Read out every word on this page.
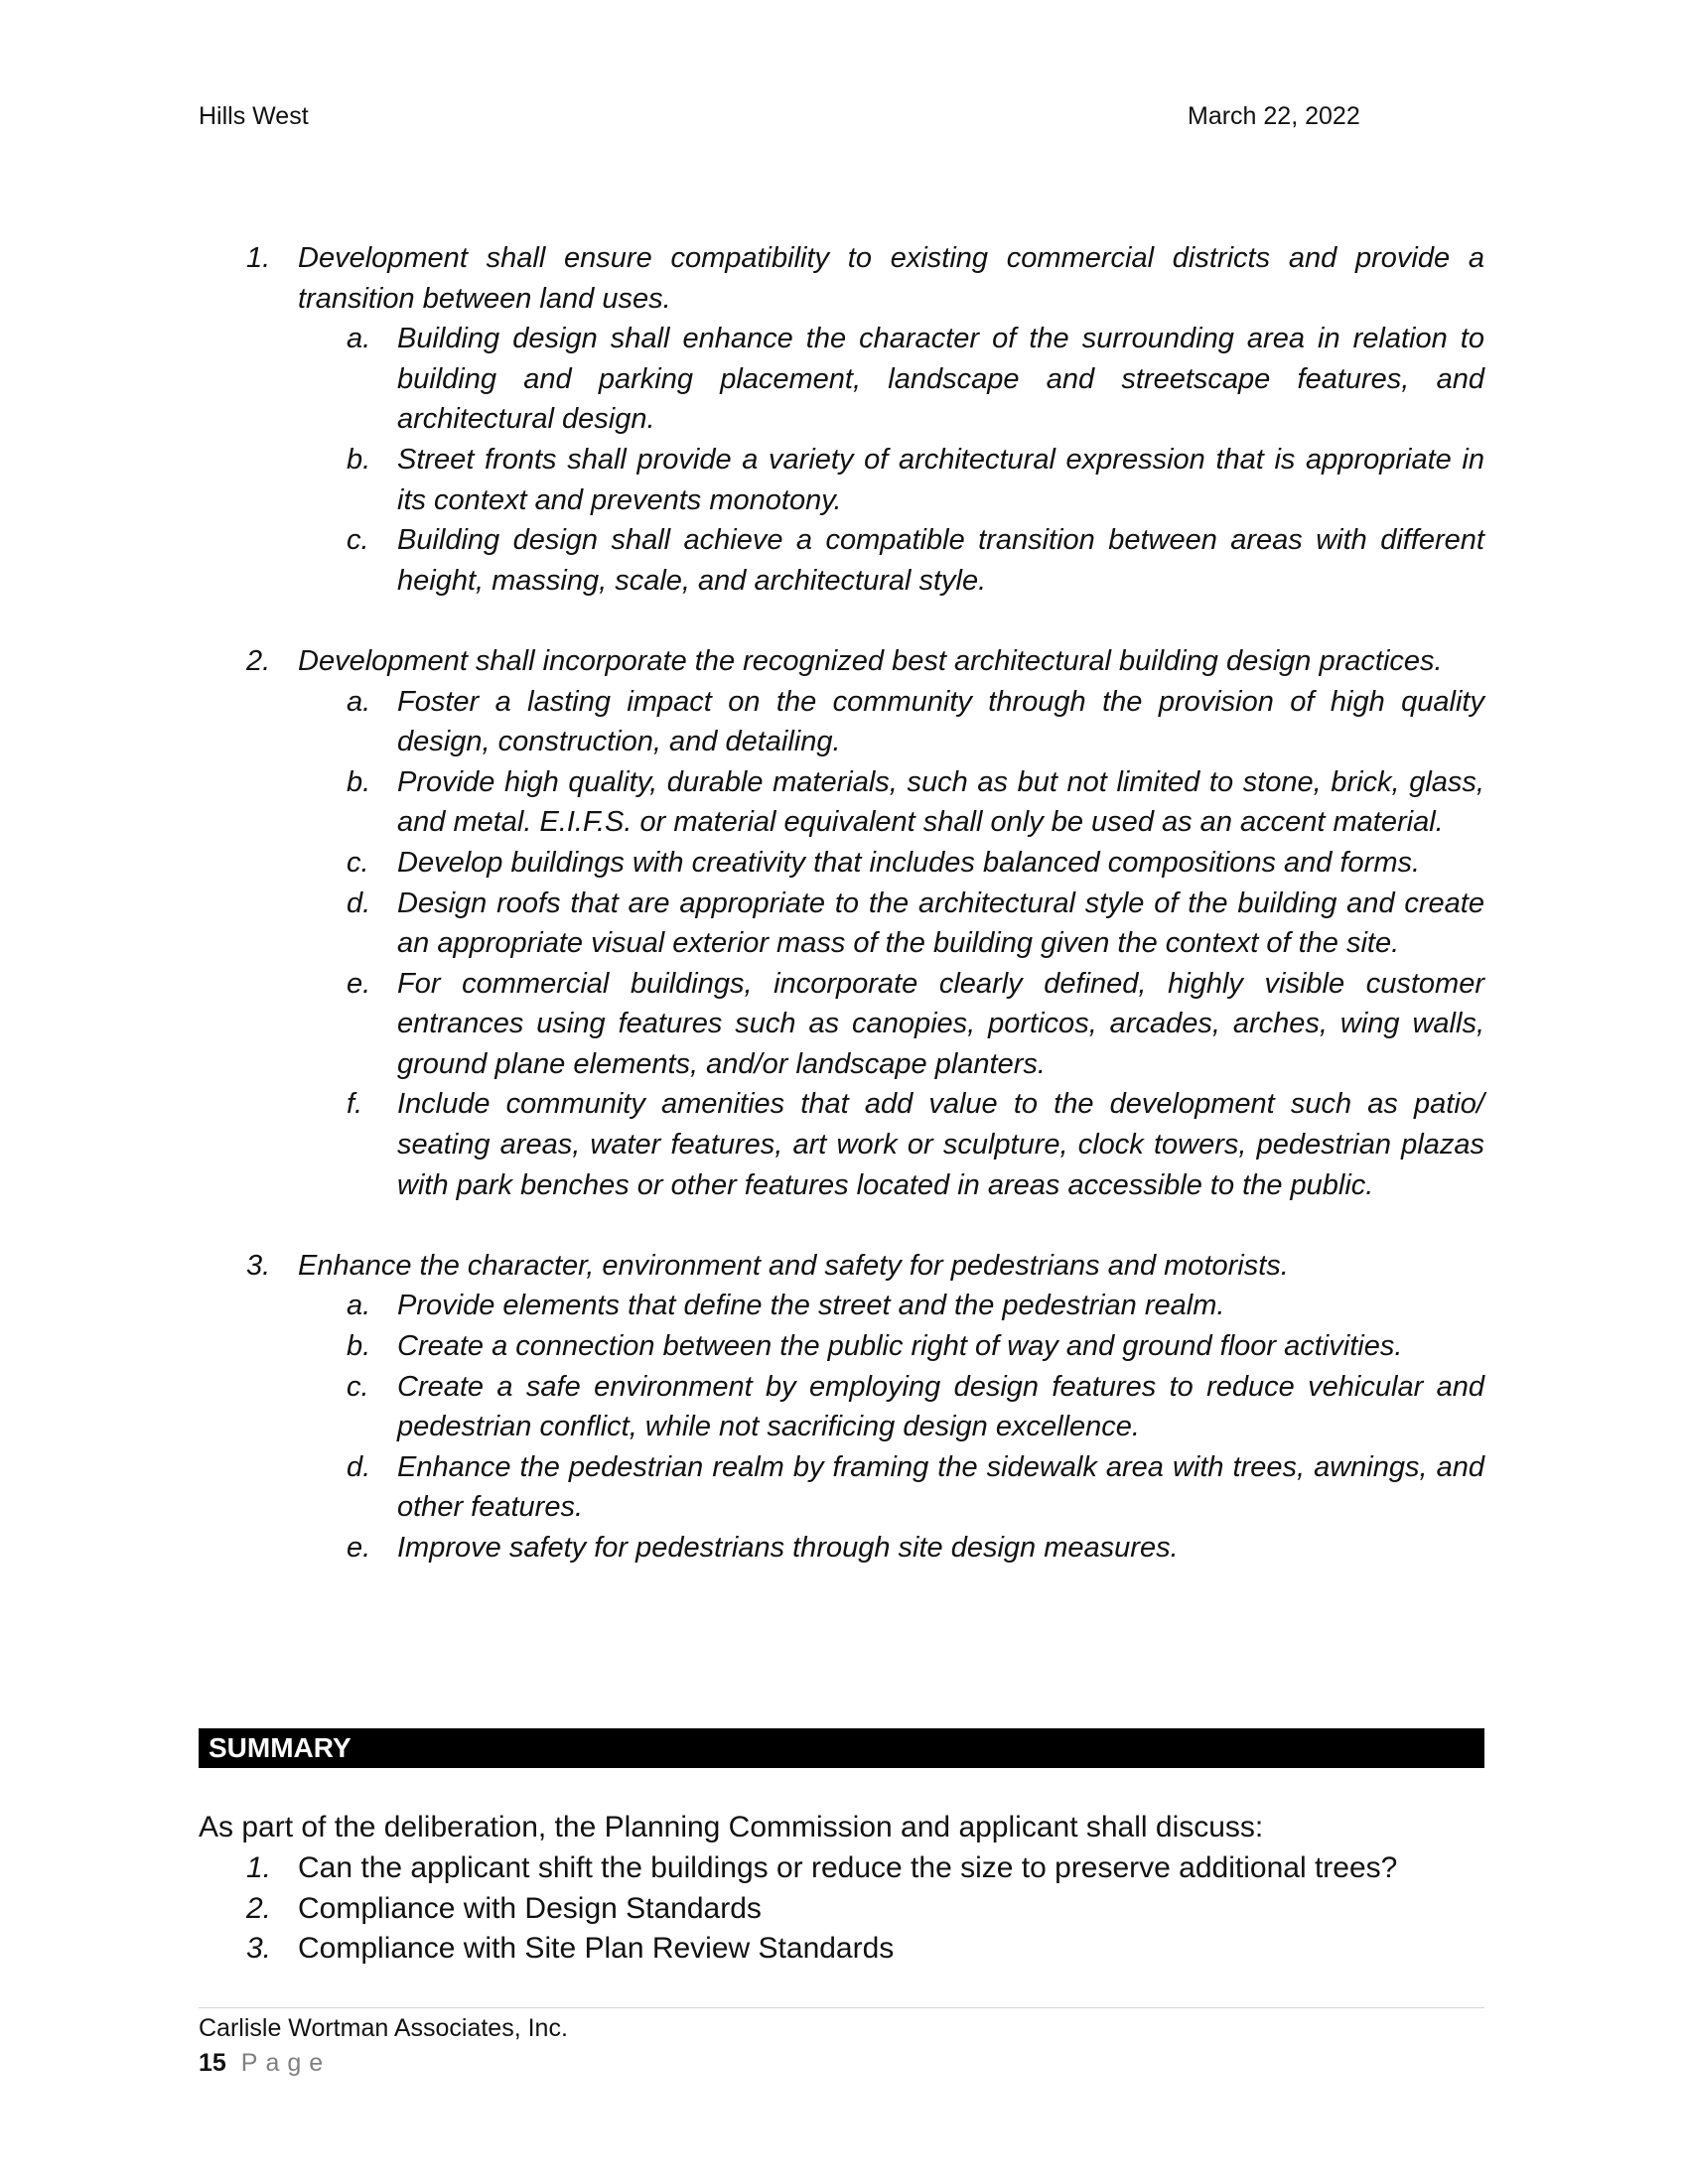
Hills West	March 22, 2022
1. Development shall ensure compatibility to existing commercial districts and provide a transition between land uses.
a. Building design shall enhance the character of the surrounding area in relation to building and parking placement, landscape and streetscape features, and architectural design.
b. Street fronts shall provide a variety of architectural expression that is appropriate in its context and prevents monotony.
c. Building design shall achieve a compatible transition between areas with different height, massing, scale, and architectural style.
2. Development shall incorporate the recognized best architectural building design practices.
a. Foster a lasting impact on the community through the provision of high quality design, construction, and detailing.
b. Provide high quality, durable materials, such as but not limited to stone, brick, glass, and metal. E.I.F.S. or material equivalent shall only be used as an accent material.
c. Develop buildings with creativity that includes balanced compositions and forms.
d. Design roofs that are appropriate to the architectural style of the building and create an appropriate visual exterior mass of the building given the context of the site.
e. For commercial buildings, incorporate clearly defined, highly visible customer entrances using features such as canopies, porticos, arcades, arches, wing walls, ground plane elements, and/or landscape planters.
f. Include community amenities that add value to the development such as patio/ seating areas, water features, art work or sculpture, clock towers, pedestrian plazas with park benches or other features located in areas accessible to the public.
3. Enhance the character, environment and safety for pedestrians and motorists.
a. Provide elements that define the street and the pedestrian realm.
b. Create a connection between the public right of way and ground floor activities.
c. Create a safe environment by employing design features to reduce vehicular and pedestrian conflict, while not sacrificing design excellence.
d. Enhance the pedestrian realm by framing the sidewalk area with trees, awnings, and other features.
e. Improve safety for pedestrians through site design measures.
SUMMARY
As part of the deliberation, the Planning Commission and applicant shall discuss:
1. Can the applicant shift the buildings or reduce the size to preserve additional trees?
2. Compliance with Design Standards
3. Compliance with Site Plan Review Standards
Carlisle Wortman Associates, Inc.
15 Page
